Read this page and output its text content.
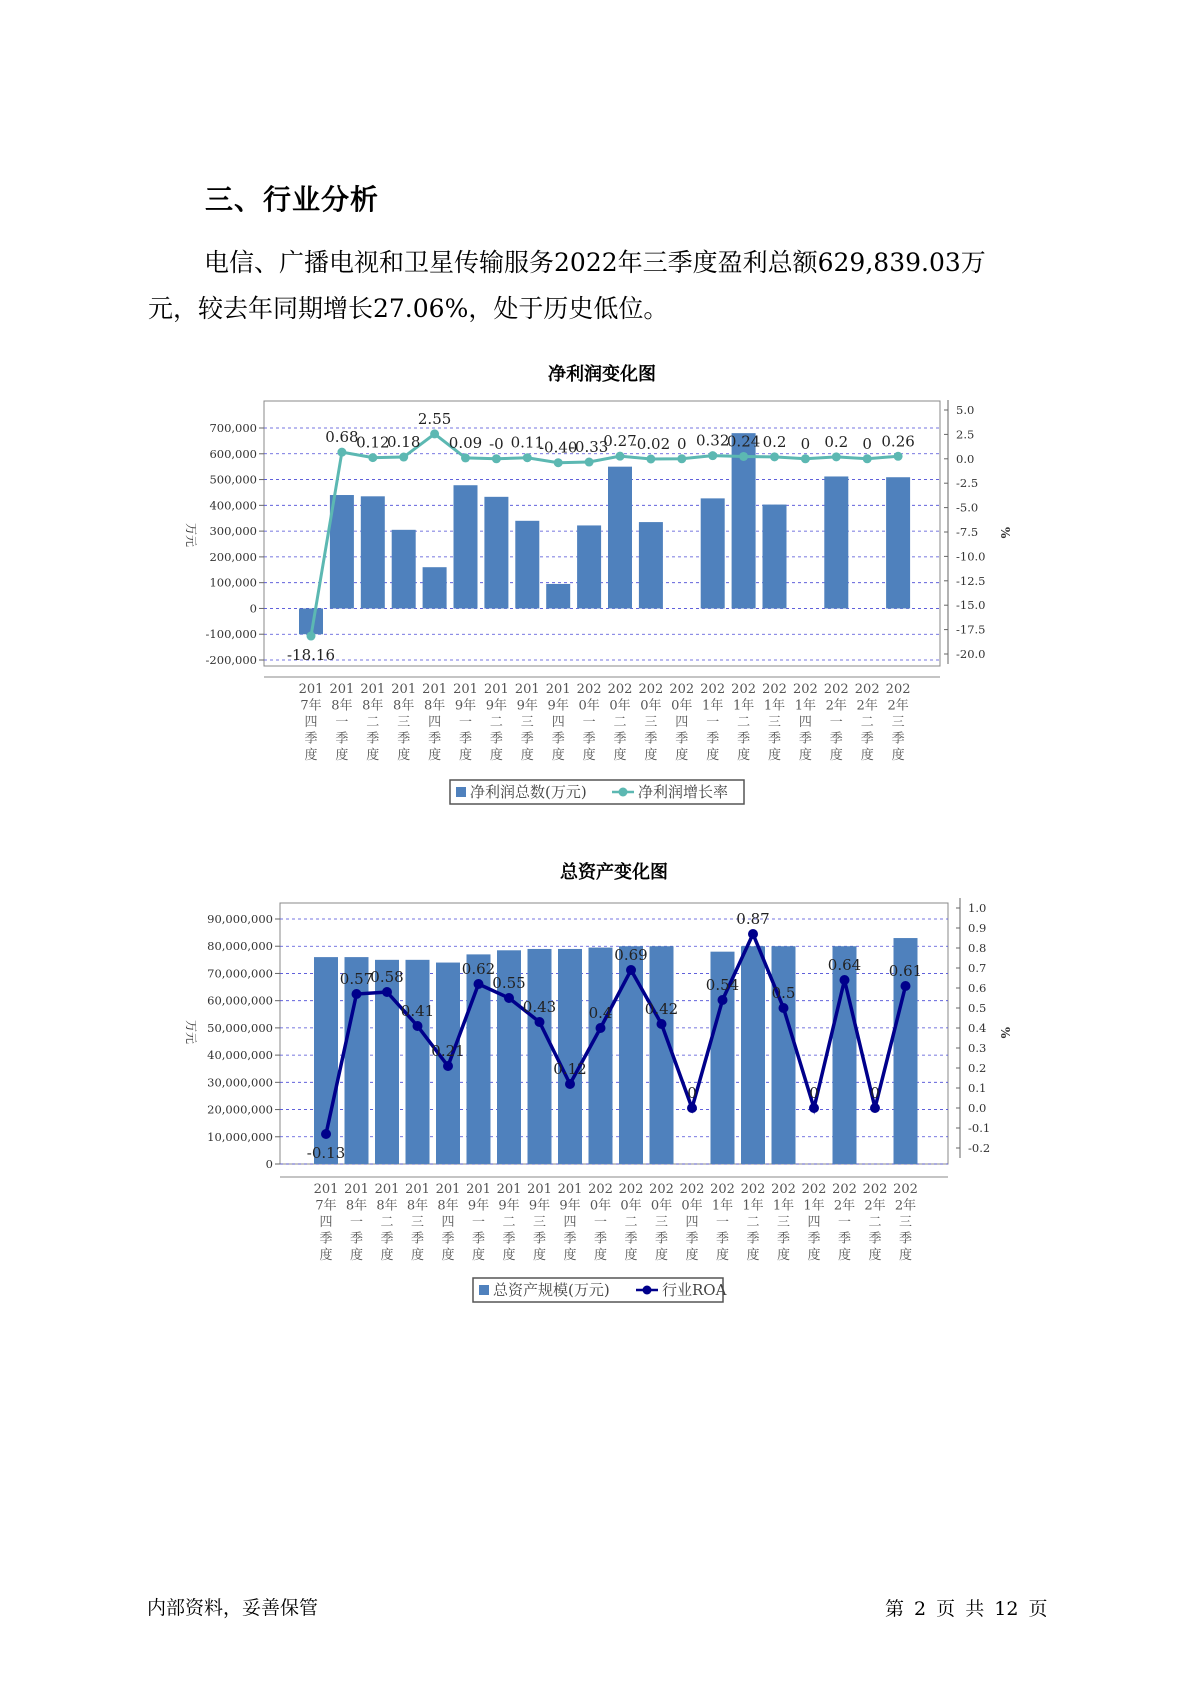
三、行业分析
电信、广播电视和卫星传输服务2022年三季度盈利总额629,839.03万
元，较去年同期增长27.06%，处于历史低位。
净利润变化图
700,000
600,000
500,000
400,000
300,000
200,000
100,000
0
-100,000
-200,000
5.0
2.5
0.0
-2.5
-5.0
-7.5
-10.0
-12.5
-15.0
-17.5
-20.0
万元	%
-18.16
0.68
0.12
0.18
2.55
0.09 -0 0.11
-0.40
-0.33
0.27
-0.02 0 0.32
0.24 0.2 0 0.2 0 0.26
201
7年
四
季
度
201
8年
一
季
度
201
8年
二
季
度
201
8年
三
季
度
201
8年
四
季
度
201
9年
一
季
度
201
9年
二
季
度
201
9年
三
季
度
201
9年
四
季
度
202
0年
一
季
度
202
0年
二
季
度
202
0年
三
季
度
202
0年
四
季
度
202
1年
一
季
度
202
1年
二
季
度
202
1年
三
季
度
202
1年
四
季
度
202
2年
一
季
度
202
2年
二
季
度
202
2年
三
季
度
净利润总数(万元)	净利润增长率
总资产变化图
90,000,000
80,000,000
70,000,000
60,000,000
50,000,000
40,000,000
30,000,000
20,000,000
10,000,000
0
1.0
0.9
0.8
0.7
0.6
0.5
0.4
0.3
0.2
0.1
0.0
-0.1
-0.2
万元	%
-0.13
0.57
0.58
0.41
0.21
0.62
0.55
0.43
0.12
0.4
0.69
0.42
0
0.54
0.87
0.5
0
0.64
0
0.61
201
7年
四
季
度
201
8年
一
季
度
201
8年
二
季
度
201
8年
三
季
度
201
8年
四
季
度
201
9年
一
季
度
201
9年
二
季
度
201
9年
三
季
度
201
9年
四
季
度
202
0年
一
季
度
202
0年
二
季
度
202
0年
三
季
度
202
0年
四
季
度
202
1年
一
季
度
202
1年
二
季
度
202
1年
三
季
度
202
1年
四
季
度
202
2年
一
季
度
202
2年
二
季
度
202
2年
三
季
度
总资产规模(万元)	行业ROA
内部资料，妥善保管	第 2 页 共 12 页
